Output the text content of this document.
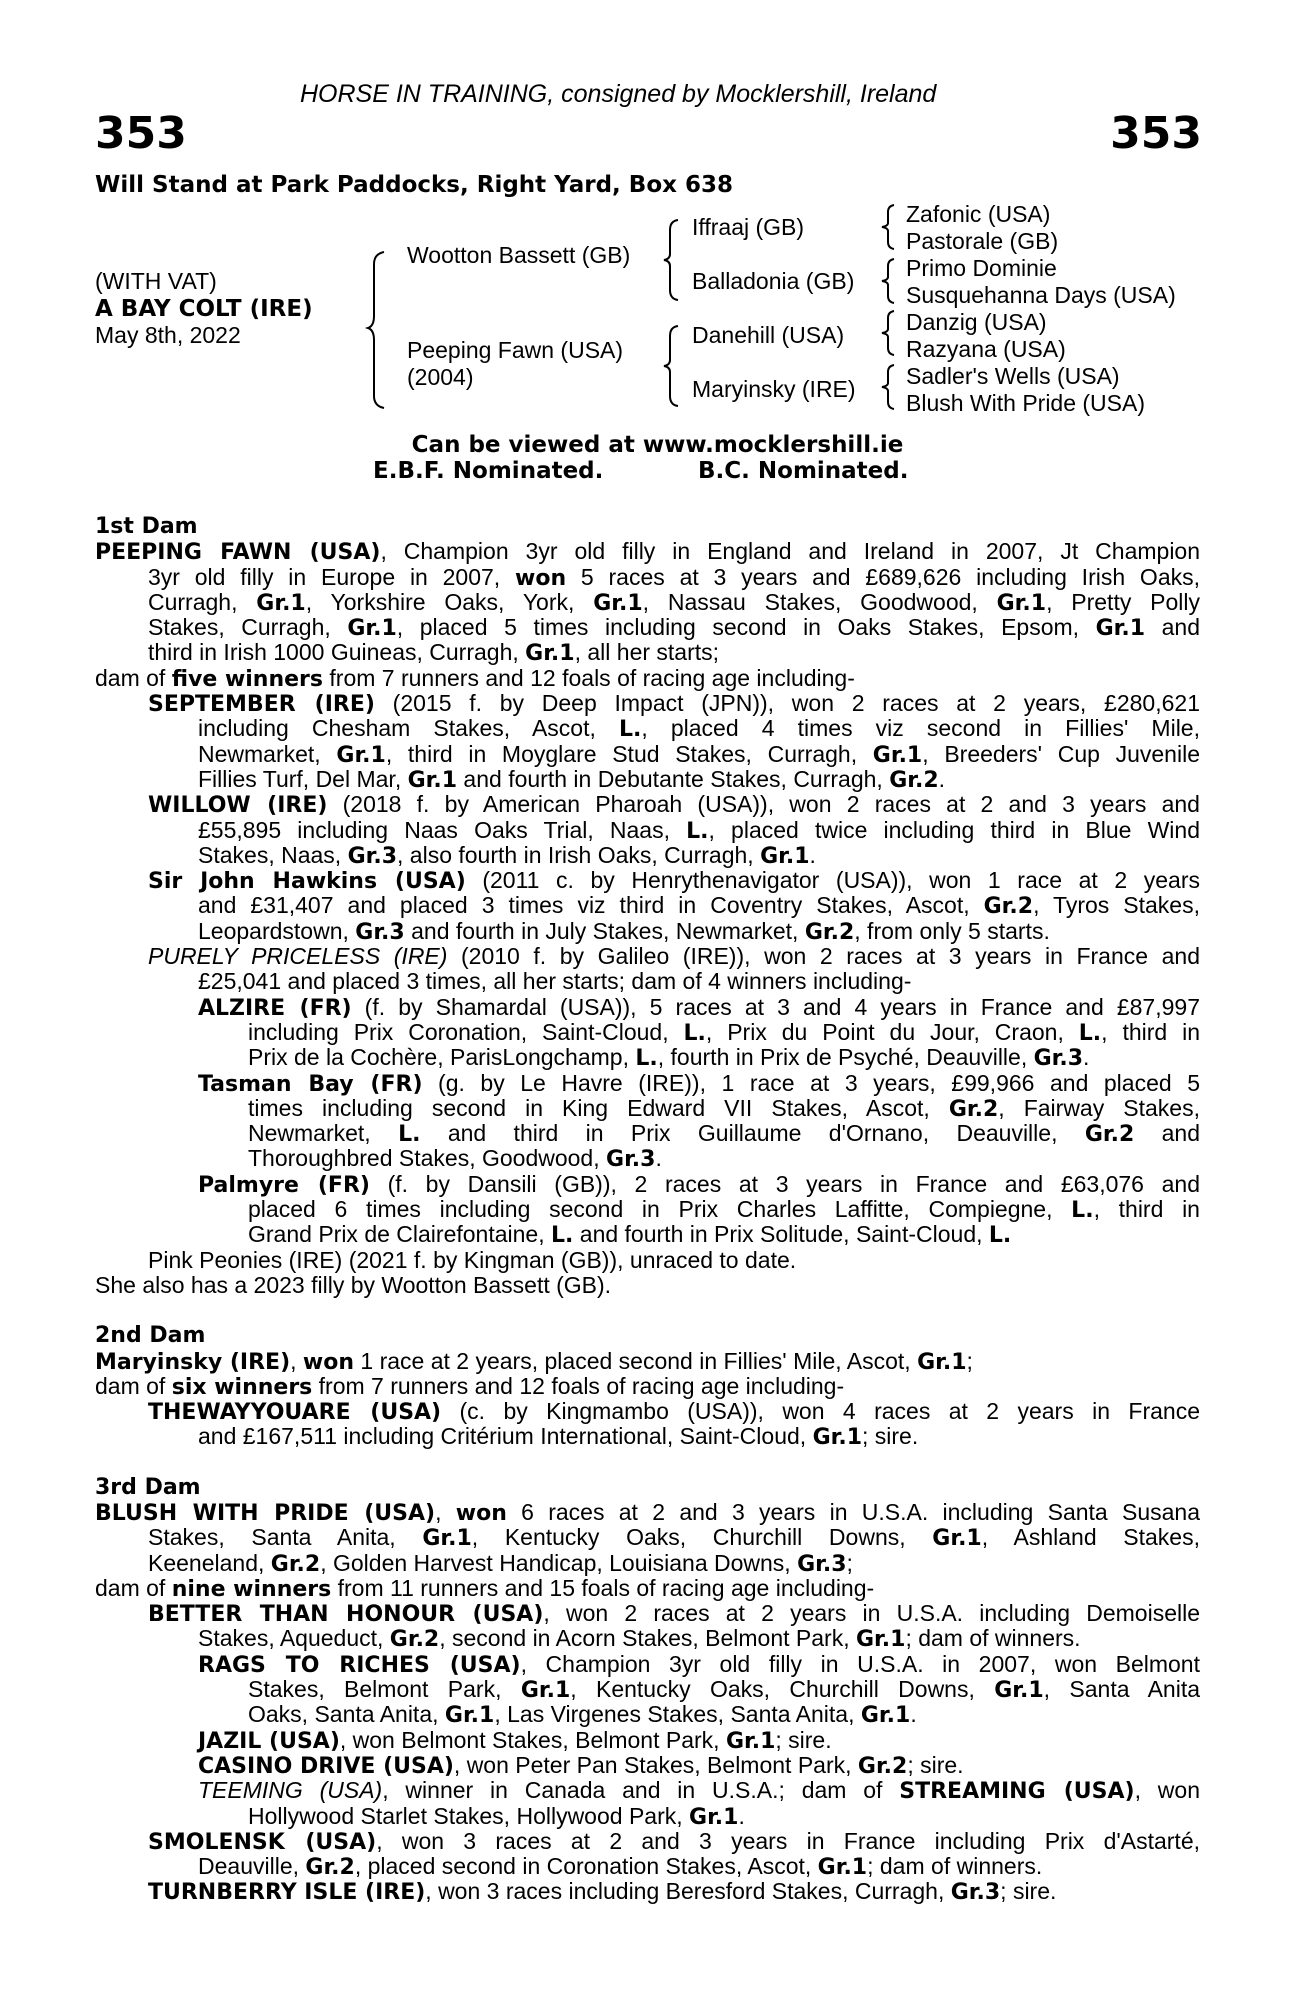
HORSE IN TRAINING, consigned by Mocklershill, Ireland
353	353
Will Stand at Park Paddocks, Right Yard, Box 638
(WITH VAT)
A BAY COLT (IRE)
May 8th, 2022
Wootton Bassett (GB)
Peeping Fawn (USA)
(2004)
Iffraaj (GB)
Balladonia (GB)
Danehill (USA)
Maryinsky (IRE)
Zafonic (USA)
Pastorale (GB)
Primo Dominie
Susquehanna Days (USA)
Danzig (USA)
Razyana (USA)
Sadler's Wells (USA)
Blush With Pride (USA)
Can be viewed at www.mocklershill.ie
E.B.F. Nominated.	B.C. Nominated.
1st Dam
PEEPING FAWN (USA), Champion 3yr old filly in England and Ireland in 2007, Jt Champion
3yr old filly in Europe in 2007, won 5 races at 3 years and £689,626 including Irish Oaks,
Curragh, Gr.1, Yorkshire Oaks, York, Gr.1, Nassau Stakes, Goodwood, Gr.1, Pretty Polly
Stakes, Curragh, Gr.1, placed 5 times including second in Oaks Stakes, Epsom, Gr.1 and
third in Irish 1000 Guineas, Curragh, Gr.1, all her starts;
dam of five winners from 7 runners and 12 foals of racing age including-
SEPTEMBER (IRE) (2015 f. by Deep Impact (JPN)), won 2 races at 2 years, £280,621
including Chesham Stakes, Ascot, L., placed 4 times viz second in Fillies' Mile,
Newmarket, Gr.1, third in Moyglare Stud Stakes, Curragh, Gr.1, Breeders' Cup Juvenile
Fillies Turf, Del Mar, Gr.1 and fourth in Debutante Stakes, Curragh, Gr.2.
WILLOW (IRE) (2018 f. by American Pharoah (USA)), won 2 races at 2 and 3 years and
£55,895 including Naas Oaks Trial, Naas, L., placed twice including third in Blue Wind
Stakes, Naas, Gr.3, also fourth in Irish Oaks, Curragh, Gr.1.
Sir John Hawkins (USA) (2011 c. by Henrythenavigator (USA)), won 1 race at 2 years
and £31,407 and placed 3 times viz third in Coventry Stakes, Ascot, Gr.2, Tyros Stakes,
Leopardstown, Gr.3 and fourth in July Stakes, Newmarket, Gr.2, from only 5 starts.
PURELY PRICELESS (IRE) (2010 f. by Galileo (IRE)), won 2 races at 3 years in France and
£25,041 and placed 3 times, all her starts; dam of 4 winners including-
ALZIRE (FR) (f. by Shamardal (USA)), 5 races at 3 and 4 years in France and £87,997
including Prix Coronation, Saint-Cloud, L., Prix du Point du Jour, Craon, L., third in
Prix de la Cochère, ParisLongchamp, L., fourth in Prix de Psyché, Deauville, Gr.3.
Tasman Bay (FR) (g. by Le Havre (IRE)), 1 race at 3 years, £99,966 and placed 5
times including second in King Edward VII Stakes, Ascot, Gr.2, Fairway Stakes,
Newmarket, L. and third in Prix Guillaume d'Ornano, Deauville, Gr.2 and
Thoroughbred Stakes, Goodwood, Gr.3.
Palmyre (FR) (f. by Dansili (GB)), 2 races at 3 years in France and £63,076 and
placed 6 times including second in Prix Charles Laffitte, Compiegne, L., third in
Grand Prix de Clairefontaine, L. and fourth in Prix Solitude, Saint-Cloud, L.
Pink Peonies (IRE) (2021 f. by Kingman (GB)), unraced to date.
She also has a 2023 filly by Wootton Bassett (GB).
2nd Dam
Maryinsky (IRE), won 1 race at 2 years, placed second in Fillies' Mile, Ascot, Gr.1;
dam of six winners from 7 runners and 12 foals of racing age including-
THEWAYYOUARE (USA) (c. by Kingmambo (USA)), won 4 races at 2 years in France
and £167,511 including Critérium International, Saint-Cloud, Gr.1; sire.
3rd Dam
BLUSH WITH PRIDE (USA), won 6 races at 2 and 3 years in U.S.A. including Santa Susana
Stakes, Santa Anita, Gr.1, Kentucky Oaks, Churchill Downs, Gr.1, Ashland Stakes,
Keeneland, Gr.2, Golden Harvest Handicap, Louisiana Downs, Gr.3;
dam of nine winners from 11 runners and 15 foals of racing age including-
BETTER THAN HONOUR (USA), won 2 races at 2 years in U.S.A. including Demoiselle
Stakes, Aqueduct, Gr.2, second in Acorn Stakes, Belmont Park, Gr.1; dam of winners.
RAGS TO RICHES (USA), Champion 3yr old filly in U.S.A. in 2007, won Belmont
Stakes, Belmont Park, Gr.1, Kentucky Oaks, Churchill Downs, Gr.1, Santa Anita
Oaks, Santa Anita, Gr.1, Las Virgenes Stakes, Santa Anita, Gr.1.
JAZIL (USA), won Belmont Stakes, Belmont Park, Gr.1; sire.
CASINO DRIVE (USA), won Peter Pan Stakes, Belmont Park, Gr.2; sire.
TEEMING (USA), winner in Canada and in U.S.A.; dam of STREAMING (USA), won
Hollywood Starlet Stakes, Hollywood Park, Gr.1.
SMOLENSK (USA), won 3 races at 2 and 3 years in France including Prix d'Astarté,
Deauville, Gr.2, placed second in Coronation Stakes, Ascot, Gr.1; dam of winners.
TURNBERRY ISLE (IRE), won 3 races including Beresford Stakes, Curragh, Gr.3; sire.
